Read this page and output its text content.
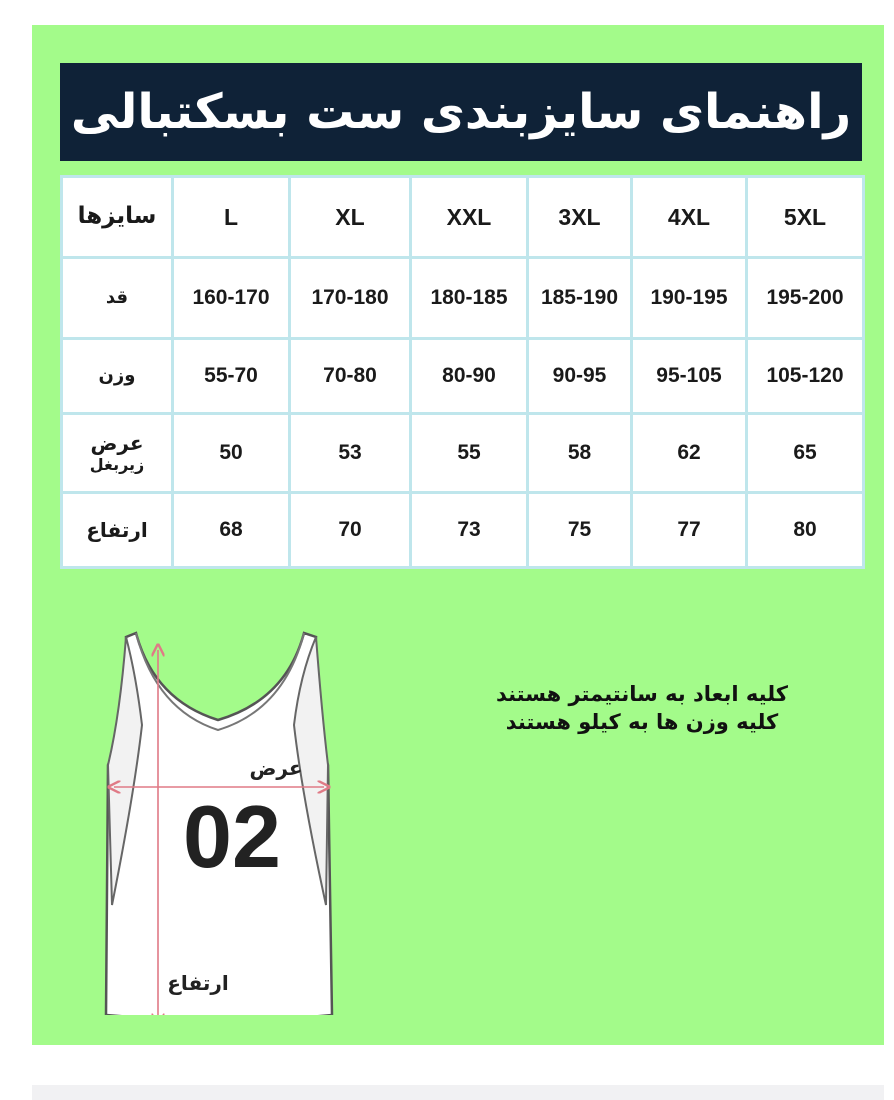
راهنمای سایزبندی ست بسکتبالی
سایزها	L	XL	XXL	3XL	4XL	5XL
قد	160-170	170-180	180-185	185-190	190-195	195-200
وزن	55-70	70-80	80-90	90-95	95-105	105-120

عرض
زیربغل	50	53	55	58	62	65
ارتفاع	68	70	73	75	77	80
کلیه ابعاد به سانتیمتر هستند
کلیه وزن ها به کیلو هستند
عرض
ارتفاع
02
